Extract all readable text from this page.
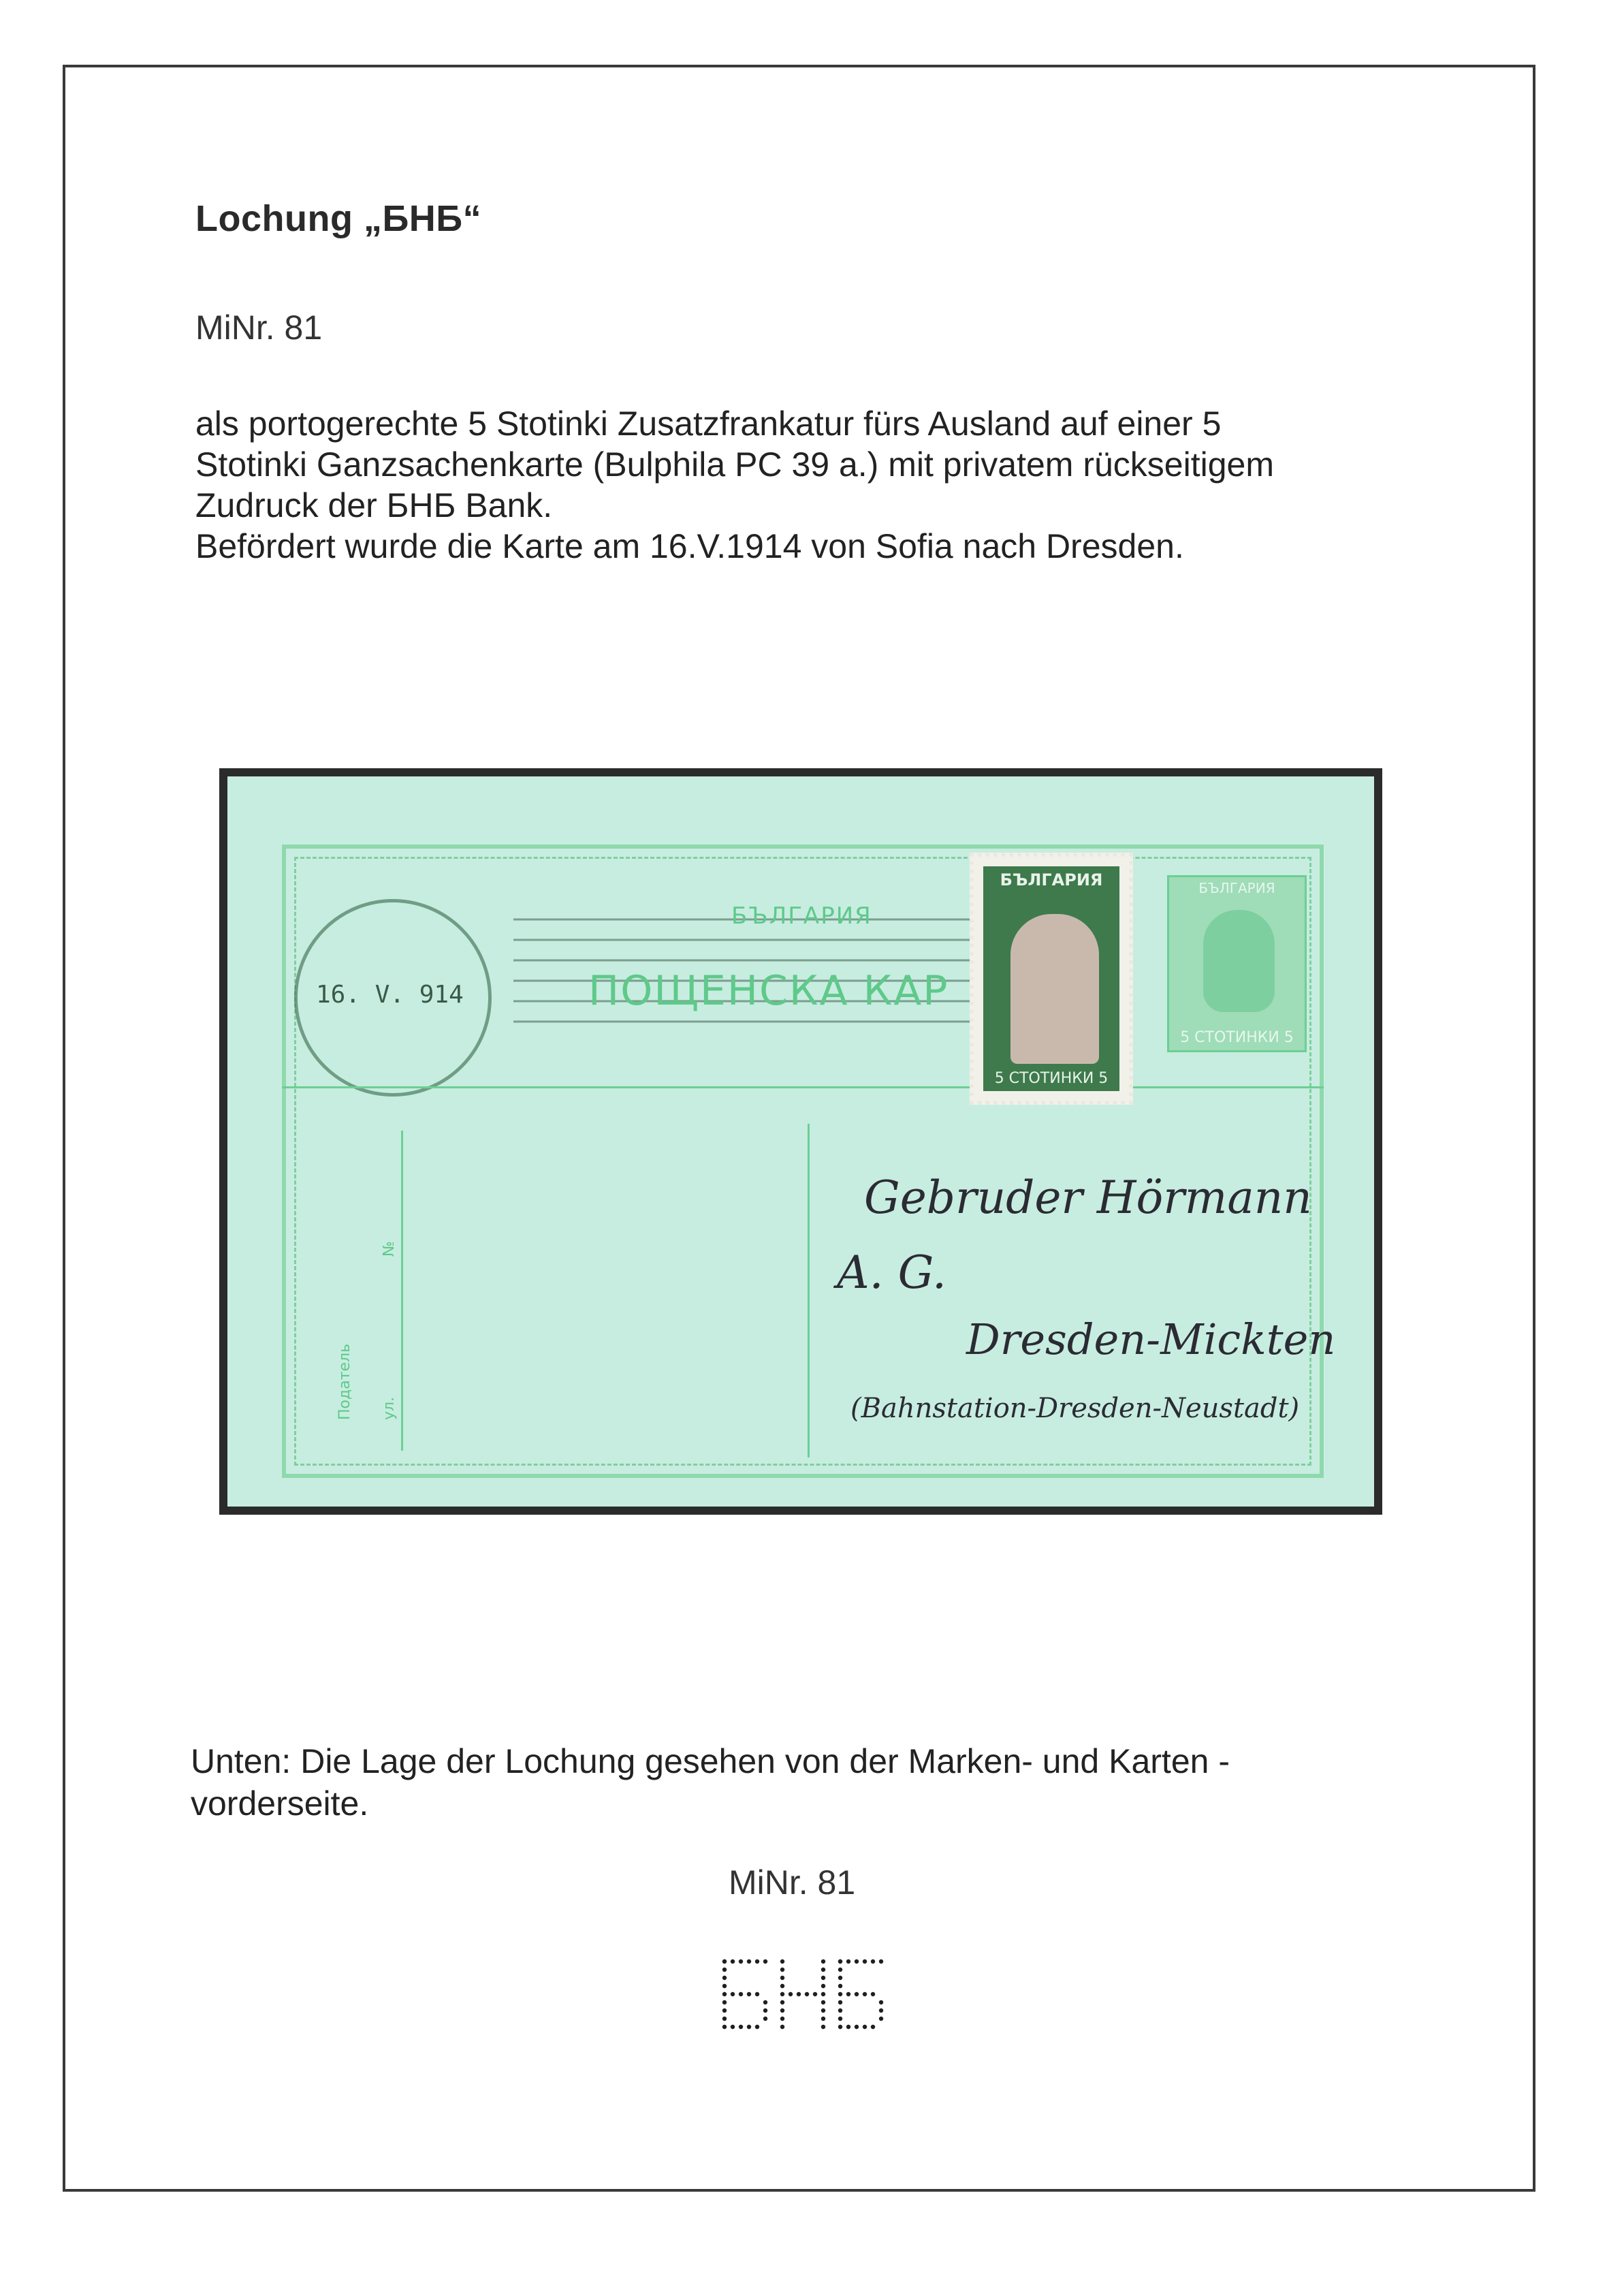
Lochung „БНБ“
MiNr. 81
als portogerechte 5 Stotinki Zusatzfrankatur fürs Ausland auf einer 5
Stotinki Ganzsachenkarte (Bulphila PC 39 a.) mit privatem rückseitigem
Zudruck der БНБ Bank.
Befördert wurde die Karte am 16.V.1914 von Sofia nach Dresden.
16. V. 914
БЪЛГАРИЯ
ПОЩЕНСКА КАР
Податель ул.
№
БЪЛГАРИЯ
5 СТОТИНКИ 5
БЪЛГАРИЯ
5 СТОТИНКИ 5
Gebruder Hörmann
A. G.
Dresden-Mickten
(Bahnstation-Dresden-Neustadt)
Unten: Die Lage der Lochung gesehen von der Marken- und Karten -
vorderseite.
MiNr. 81
БНБ
